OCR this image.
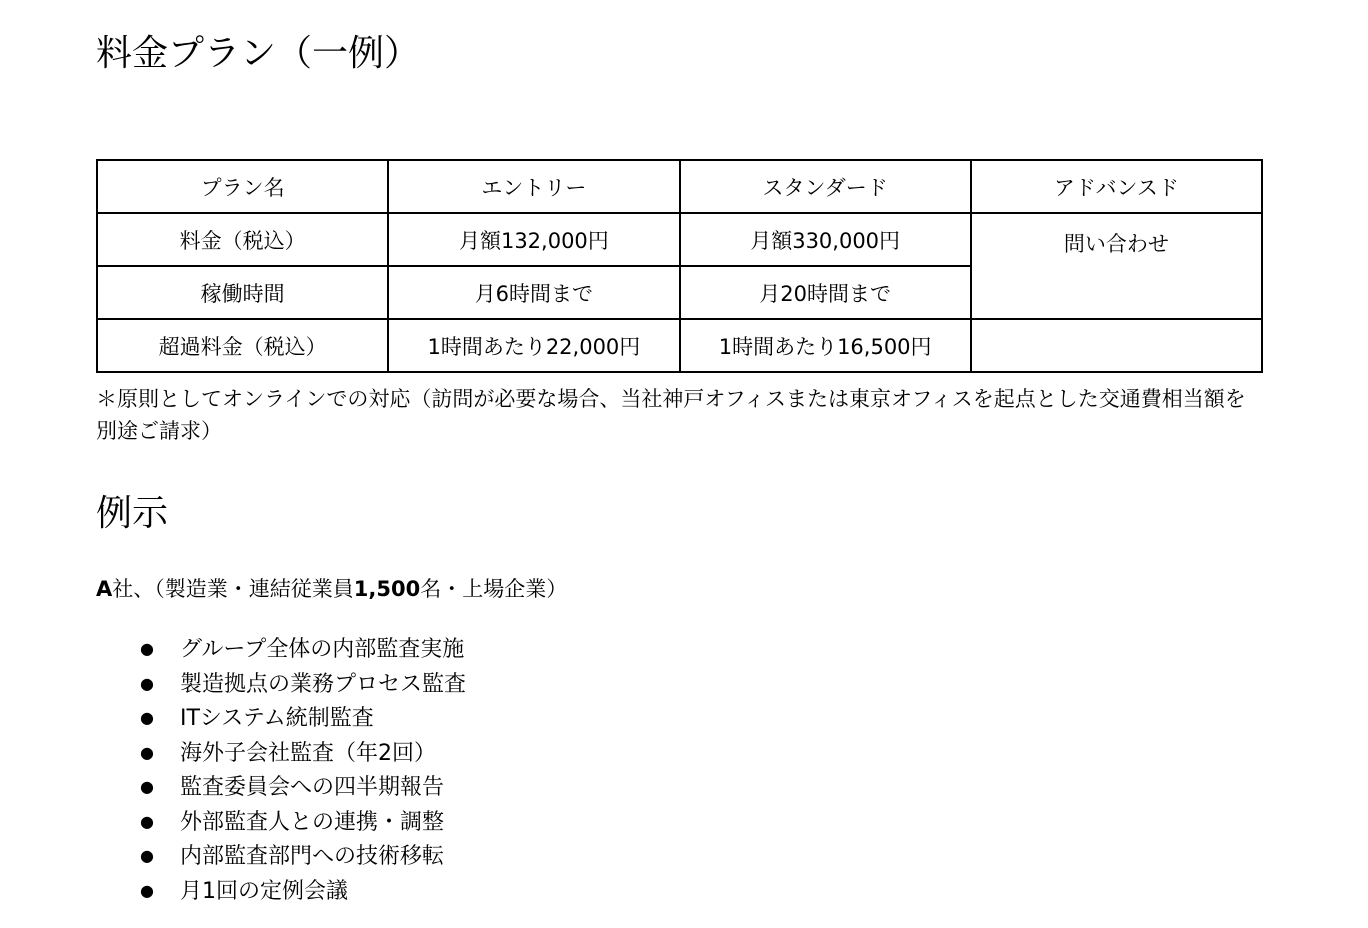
料金プラン（一例）
プラン名	エントリー	スタンダード	アドバンスド
料金（税込）	月額132,000円	月額330,000円	問い合わせ
稼働時間	月6時間まで	月20時間まで	
超過料金（税込）	1時間あたり22,000円	1時間あたり16,500円	
＊原則としてオンラインでの対応（訪問が必要な場合、当社神戸オフィスまたは東京オフィスを起点とした交通費相当額を別途ご請求）
例示
A社、（製造業・連結従業員1,500名・上場企業）
● グループ全体の内部監査実施
● 製造拠点の業務プロセス監査
● ITシステム統制監査
● 海外子会社監査（年2回）
● 監査委員会への四半期報告
● 外部監査人との連携・調整
● 内部監査部門への技術移転
● 月1回の定例会議
